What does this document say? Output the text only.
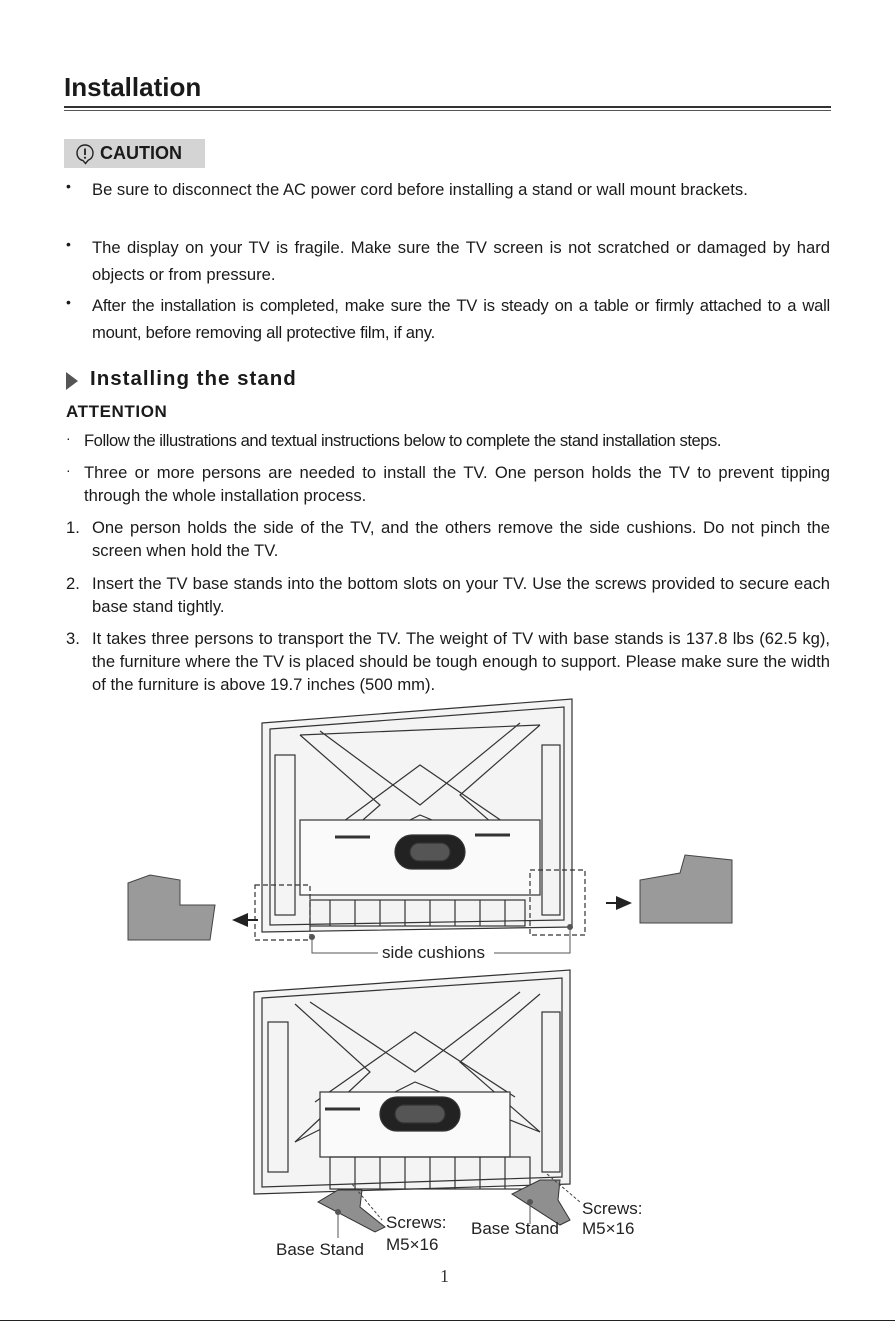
Installation
CAUTION
• Be sure to disconnect the AC power cord before installing a stand or wall mount brackets.
• The display on your TV is fragile. Make sure the TV screen is not scratched or damaged by hard objects or from pressure.
• After the installation is completed, make sure the TV is steady on a table or firmly attached to a wall mount, before removing all protective film, if any.
Installing the stand
ATTENTION
· Follow the illustrations and textual instructions below to complete the stand installation steps.
· Three or more persons are needed to install the TV. One person holds the TV to prevent tipping through the whole installation process.
1. One person holds the side of the TV, and the others remove the side cushions. Do not pinch the screen when hold the TV.
2. Insert the TV base stands into the bottom slots on your TV. Use the screws provided to secure each base stand tightly.
3. It takes three persons to transport the TV. The weight of TV with base stands is 137.8 lbs (62.5 kg), the furniture where the TV is placed should be tough enough to support. Please make sure the width of the furniture is above 19.7 inches (500 mm).
side cushions
Screws:
M5×16
Base Stand
Base Stand
Screws:
M5×16
1
